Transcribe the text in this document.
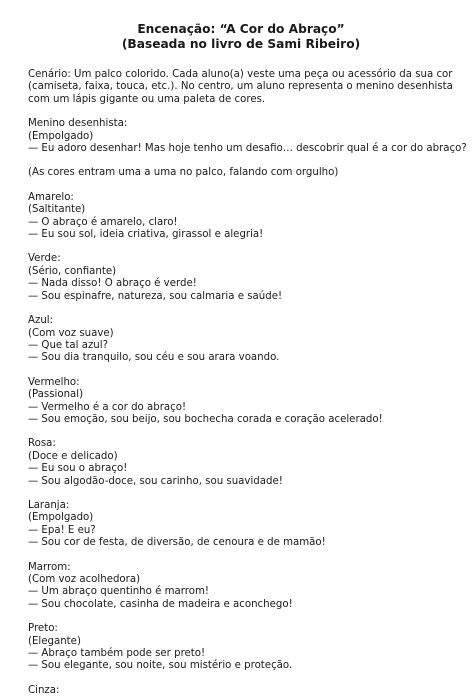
Encenação: “A Cor do Abraço”
(Baseada no livro de Sami Ribeiro)
Cenário: Um palco colorido. Cada aluno(a) veste uma peça ou acessório da sua cor
(camiseta, faixa, touca, etc.). No centro, um aluno representa o menino desenhista
com um lápis gigante ou uma paleta de cores.
Menino desenhista:
(Empolgado)
— Eu adoro desenhar! Mas hoje tenho um desafio… descobrir qual é a cor do abraço?
(As cores entram uma a uma no palco, falando com orgulho)
Amarelo:
(Saltitante)
— O abraço é amarelo, claro!
— Eu sou sol, ideia criativa, girassol e alegria!
Verde:
(Sério, confiante)
— Nada disso! O abraço é verde!
— Sou espinafre, natureza, sou calmaria e saúde!
Azul:
(Com voz suave)
— Que tal azul?
— Sou dia tranquilo, sou céu e sou arara voando.
Vermelho:
(Passional)
— Vermelho é a cor do abraço!
— Sou emoção, sou beijo, sou bochecha corada e coração acelerado!
Rosa:
(Doce e delicado)
— Eu sou o abraço!
— Sou algodão-doce, sou carinho, sou suavidade!
Laranja:
(Empolgado)
— Epa! E eu?
— Sou cor de festa, de diversão, de cenoura e de mamão!
Marrom:
(Com voz acolhedora)
— Um abraço quentinho é marrom!
— Sou chocolate, casinha de madeira e aconchego!
Preto:
(Elegante)
— Abraço também pode ser preto!
— Sou elegante, sou noite, sou mistério e proteção.
Cinza:
